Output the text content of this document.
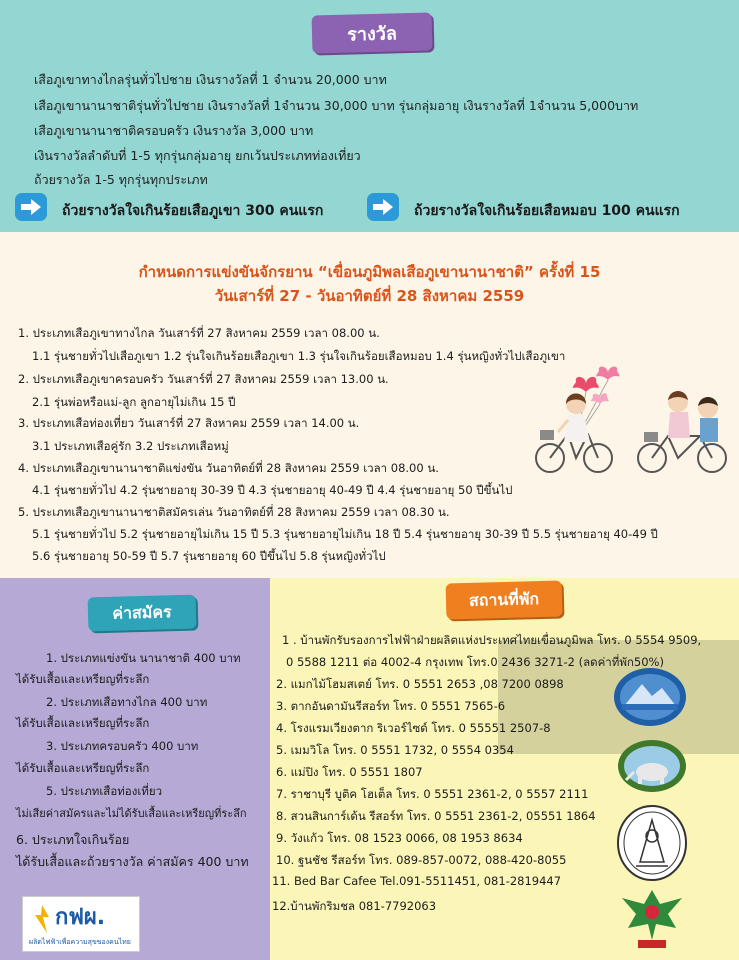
รางวัล
เสือภูเขาทางไกลรุ่นทั่วไปชาย เงินรางวัลที่ 1 จำนวน 20,000 บาท
เสือภูเขานานาชาติรุ่นทั่วไปชาย เงินรางวัลที่ 1จำนวน 30,000 บาท รุ่นกลุ่มอายุ เงินรางวัลที่ 1จำนวน 5,000บาท
เสือภูเขานานาชาติครอบครัว เงินรางวัล 3,000 บาท
เงินรางวัลลำดับที่ 1-5 ทุกรุ่นกลุ่มอายุ ยกเว้นประเภทท่องเที่ยว
ถ้วยรางวัล 1-5 ทุกรุ่นทุกประเภท
ถ้วยรางวัลใจเกินร้อยเสือภูเขา 300 คนแรก	ถ้วยรางวัลใจเกินร้อยเสือหมอบ 100 คนแรก
กำหนดการแข่งขันจักรยาน “เขื่อนภูมิพลเสือภูเขานานาชาติ” ครั้งที่ 15
วันเสาร์ที่ 27 - วันอาทิตย์ที่ 28 สิงหาคม 2559
1. ประเภทเสือภูเขาทางไกล วันเสาร์ที่ 27 สิงหาคม 2559 เวลา 08.00 น.
1.1 รุ่นชายทั่วไปเสือภูเขา 1.2 รุ่นใจเกินร้อยเสือภูเขา 1.3 รุ่นใจเกินร้อยเสือหมอบ 1.4 รุ่นหญิงทั่วไปเสือภูเขา
2. ประเภทเสือภูเขาครอบครัว วันเสาร์ที่ 27 สิงหาคม 2559 เวลา 13.00 น.
2.1 รุ่นพ่อหรือแม่-ลูก ลูกอายุไม่เกิน 15 ปี
3. ประเภทเสือท่องเที่ยว วันเสาร์ที่ 27 สิงหาคม 2559 เวลา 14.00 น.
3.1 ประเภทเสือคู่รัก 3.2 ประเภทเสือหมู่
4. ประเภทเสือภูเขานานาชาติแข่งขัน วันอาทิตย์ที่ 28 สิงหาคม 2559 เวลา 08.00 น.
4.1 รุ่นชายทั่วไป 4.2 รุ่นชายอายุ 30-39 ปี 4.3 รุ่นชายอายุ 40-49 ปี 4.4 รุ่นชายอายุ 50 ปีขึ้นไป
5. ประเภทเสือภูเขานานาชาติสมัครเล่น วันอาทิตย์ที่ 28 สิงหาคม 2559 เวลา 08.30 น.
5.1 รุ่นชายทั่วไป 5.2 รุ่นชายอายุไม่เกิน 15 ปี 5.3 รุ่นชายอายุไม่เกิน 18 ปี 5.4 รุ่นชายอายุ 30-39 ปี 5.5 รุ่นชายอายุ 40-49 ปี
5.6 รุ่นชายอายุ 50-59 ปี 5.7 รุ่นชายอายุ 60 ปีขึ้นไป 5.8 รุ่นหญิงทั่วไป
ค่าสมัคร
1. ประเภทแข่งขัน นานาชาติ 400 บาท
ได้รับเสื้อและเหรียญที่ระลึก
2. ประเภทเสือทางไกล 400 บาท
ได้รับเสื้อและเหรียญที่ระลึก
3. ประเภทครอบครัว 400 บาท
ได้รับเสื้อและเหรียญที่ระลึก
5. ประเภทเสือท่องเที่ยว
ไม่เสียค่าสมัครและไม่ได้รับเสื้อและเหรียญที่ระลึก
6. ประเภทใจเกินร้อย
ได้รับเสื้อและถ้วยรางวัล ค่าสมัคร 400 บาท
กฟผ.
ผลิตไฟฟ้าเพื่อความสุขของคนไทย
สถานที่พัก
1 . บ้านพักรับรองการไฟฟ้าฝ่ายผลิตแห่งประเทศไทยเขื่อนภูมิพล โทร. 0 5554 9509,
0 5588 1211 ต่อ 4002-4 กรุงเทพ โทร.0 2436 3271-2 (ลดค่าที่พัก50%)
2. แมกไม้โฮมสเตย์ โทร. 0 5551 2653 ,08 7200 0898
3. ตากอันดามันรีสอร์ท โทร. 0 5551 7565-6
4. โรงแรมเวียงตาก ริเวอร์ไซด์ โทร. 0 55551 2507-8
5. เมมวิโล โทร. 0 5551 1732, 0 5554 0354
6. แม่ปิง โทร. 0 5551 1807
7. ราชาบุรี บูติค โฮเต็ล โทร. 0 5551 2361-2, 0 5557 2111
8. สวนสินการ์เด้น รีสอร์ท โทร. 0 5551 2361-2, 05551 1864
9. วังแก้ว โทร. 08 1523 0066, 08 1953 8634
10. ฐนชัช รีสอร์ท โทร. 089-857-0072, 088-420-8055
11. Bed Bar Cafee Tel.091-5511451, 081-2819447
12.บ้านพักริมชล 081-7792063
